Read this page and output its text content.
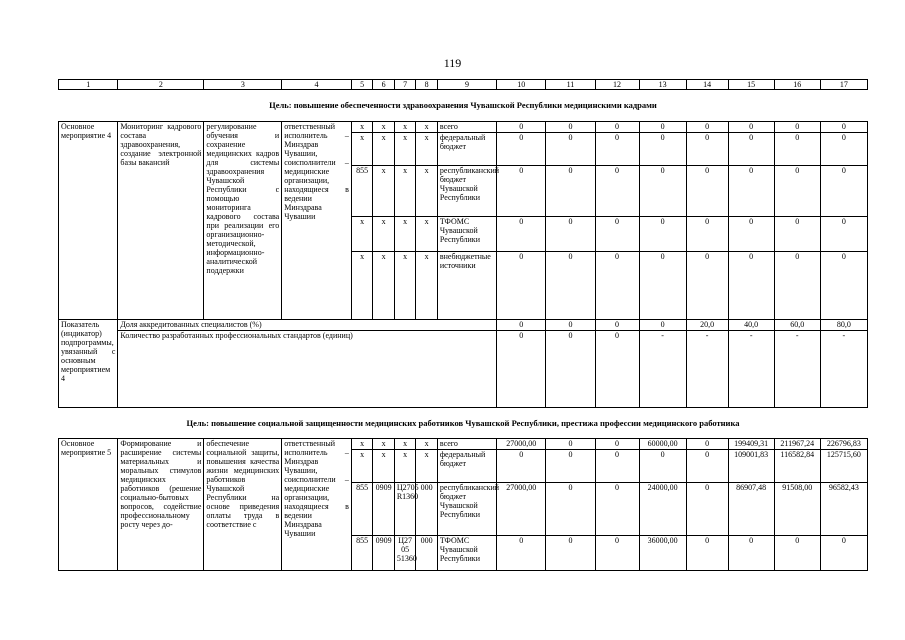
119
1	2	3	4	5	6	7	8	9	10	11	12	13	14	15	16	17
Цель: повышение обеспеченности здравоохранения Чувашской Республики медицинскими кадрами
Основное мероприятие 4	Мониторинг кадрового состава здравоохранения, создание электронной базы вакансий	регулирование обучения и сохранение медицинских кадров для системы здравоохранения Чувашской Республики с помощью мониторинга кадрового состава при реализации его организационно-методической, информационно-аналитической поддержки	ответственный исполнитель – Минздрав Чувашии, соисполнители – медицинские организации, находящиеся в ведении Минздрава Чувашии	x	x	x	x	всего	0	0	0	0	0	0	0	0
				x	x	x	x	федеральный бюджет	0	0	0	0	0	0	0	0
				855	x	x	x	республиканский бюджет Чувашской Республики	0	0	0	0	0	0	0	0
				x	x	x	x	ТФОМС Чувашской Республики	0	0	0	0	0	0	0	0
				x	x	x	x	внебюджетные источники	0	0	0	0	0	0	0	0
Показатель (индикатор) подпрограммы, увязанный с основным мероприятием 4	Доля аккредитованных специалистов (%)								0	0	0	0	20,0	40,0	60,0	80,0
	Количество разработанных профессиональных стандартов (единиц)								0	0	0	-	-	-	-	-
Цель: повышение социальной защищенности медицинских работников Чувашской Республики, престижа профессии медицинского работника
Основное мероприятие 5	Формирование и расширение системы материальных и моральных стимулов медицинских работников (решение социально-бытовых вопросов, содействие профессиональному росту через до-	обеспечение социальной защиты, повышения качества жизни медицинских работников Чувашской Республики на основе приведения оплаты труда в соответствие с	ответственный исполнитель – Минздрав Чувашии, соисполнители – медицинские организации, находящиеся в ведении Минздрава Чувашии	x	x	x	x	всего	27000,00	0	0	60000,00	0	199409,31	211967,24	226796,83
				x	x	x	x	федеральный бюджет	0	0	0	0	0	109001,83	116582,84	125715,60
				855	0909	Ц2705 R1360	000	республиканский бюджет Чувашской Республики	27000,00	0	0	24000,00	0	86907,48	91508,00	96582,43
				855	0909	Ц27 05 51360	000	ТФОМС Чувашской Республики	0	0	0	36000,00	0	0	0	0
